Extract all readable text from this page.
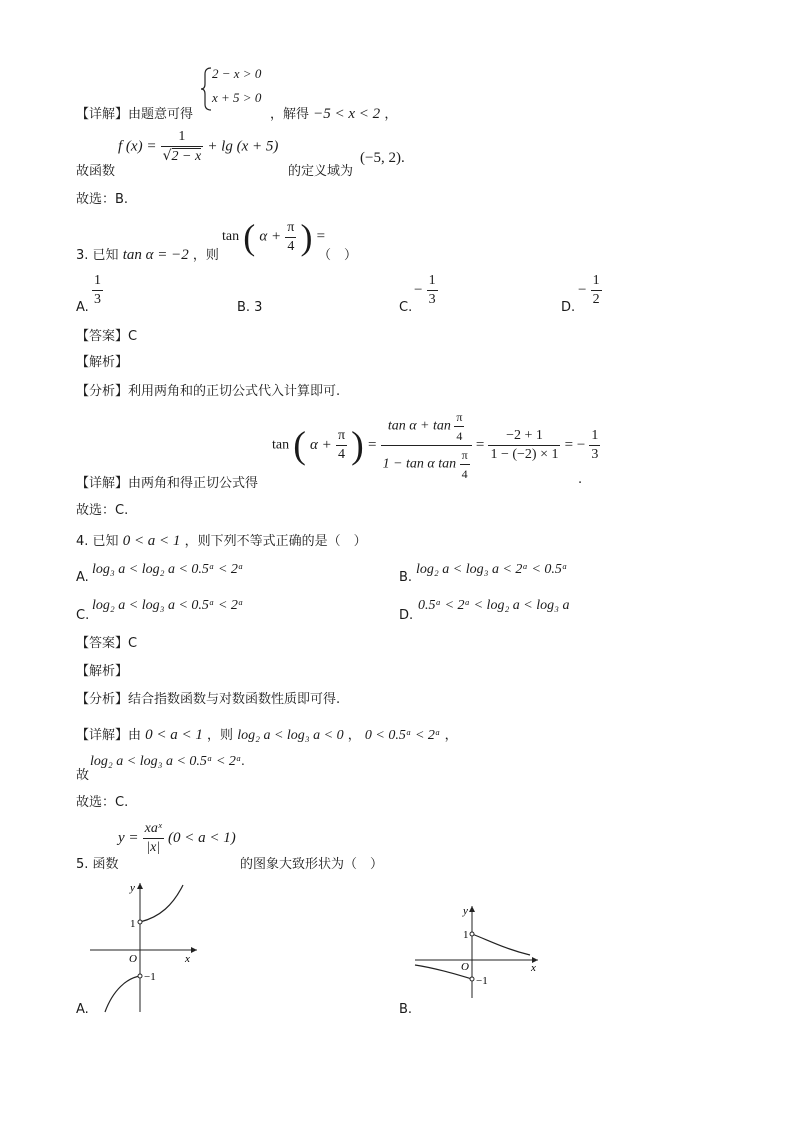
2 − x > 0
x + 5 > 0
【详解】由题意可得	，解得 −5 < x < 2 ，
故函数
f $(x) = \frac{1}{√2 - x} + \lg (x + 5)$
的定义域为
(−5, 2).
故选：B.
3. 已知 tan α = −2 ，则
tan ( $\alpha + \frac{\pi}{4}$ ) =
（　）
A. $\frac{1}{3}$	B. 3	C.
− $\frac{1}{3}$	D.
− $\frac{1}{2}$
【答案】C
【解析】
【分析】利用两角和的正切公式代入计算即可.
tan ( $\alpha + \frac{\pi}{4}$ ) = $\frac{\tan \alpha + \tan \frac{\pi}{4}}{1 - \tan \alpha \tan \frac{\pi}{4}} = \frac{-2 + 1}{1 - (-2) \times 1}$ = − $\frac{1}{3}$
【详解】由两角和得正切公式得	.
故选：C.
4. 已知 0 < a < 1 ，则下列不等式正确的是（　）
A.
log₃ a < log₂ a < 0.5ᵃ < 2ᵃ
B.
log₂ a < log₃ a < 2ᵃ < 0.5ᵃ
C.
log₂ a < log₃ a < 0.5ᵃ < 2ᵃ
D.
0.5ᵃ < 2ᵃ < log₂ a < log₃ a
【答案】C
【解析】
【分析】结合指数函数与对数函数性质即可得.
【详解】由 0 < a < 1 ，则 log₂ a < log₃ a < 0 ， 0 < 0.5ᵃ < 2ᵃ ，
故
log₂ a < log₃ a < 0.5ᵃ < 2ᵃ.
故选：C.
5. 函数
$y = \frac{\text{xaˣ}}{|x|} (0 < a < 1)$
的图象大致形状为（　）
y
x
O
1
−1
A.
y
x
O
1
−1
B.
